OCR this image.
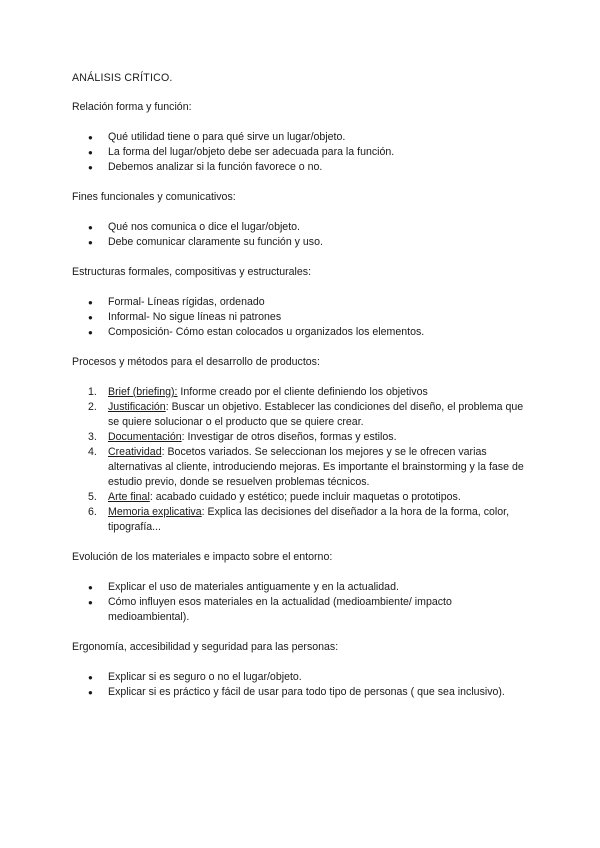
ANÁLISIS CRÍTICO.

Relación forma y función:

● Qué utilidad tiene o para qué sirve un lugar/objeto.
● La forma del lugar/objeto debe ser adecuada para la función.
● Debemos analizar si la función favorece o no.

Fines funcionales y comunicativos:

● Qué nos comunica o dice el lugar/objeto.
● Debe comunicar claramente su función y uso.

Estructuras formales, compositivas y estructurales:

● Formal- Líneas rígidas, ordenado
● Informal- No sigue líneas ni patrones
● Composición- Cómo estan colocados u organizados los elementos.

Procesos y métodos para el desarrollo de productos:

1. Brief (briefing): Informe creado por el cliente definiendo los objetivos
2. Justificación: Buscar un objetivo. Establecer las condiciones del diseño, el problema que se quiere solucionar o el producto que se quiere crear.
3. Documentación: Investigar de otros diseños, formas y estilos.
4. Creatividad: Bocetos variados. Se seleccionan los mejores y se le ofrecen varias alternativas al cliente, introduciendo mejoras. Es importante el brainstorming y la fase de estudio previo, donde se resuelven problemas técnicos.
5. Arte final: acabado cuidado y estético; puede incluir maquetas o prototipos.
6. Memoria explicativa: Explica las decisiones del diseñador a la hora de la forma, color, tipografía...

Evolución de los materiales e impacto sobre el entorno:

● Explicar el uso de materiales antiguamente y en la actualidad.
● Cómo influyen esos materiales en la actualidad (medioambiente/ impacto medioambiental).

Ergonomía, accesibilidad y seguridad para las personas:

● Explicar si es seguro o no el lugar/objeto.
● Explicar si es práctico y fácil de usar para todo tipo de personas ( que sea inclusivo).
